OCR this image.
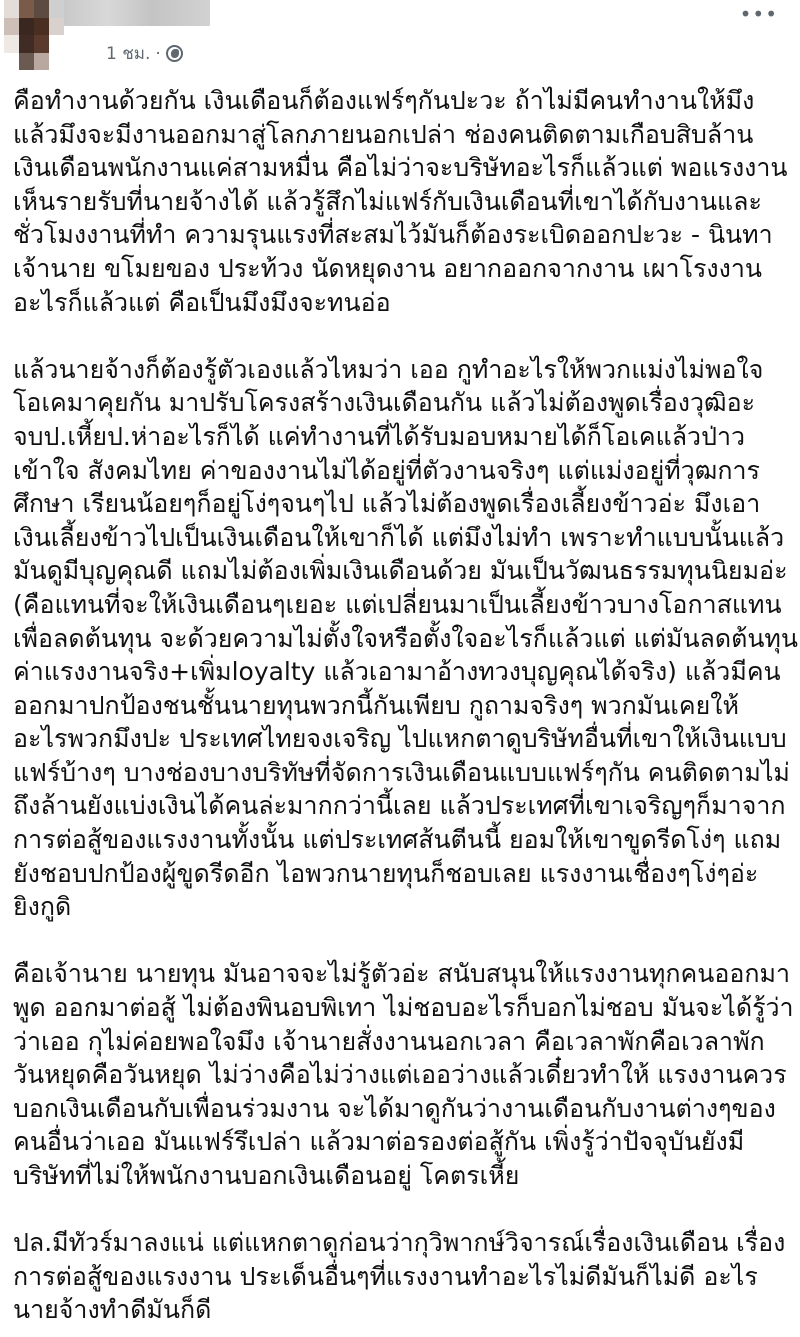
1 ชม. ·
•••
คือทำงานด้วยกัน เงินเดือนก็ต้องแฟร์ๆกันปะวะ ถ้าไม่มีคนทำงานให้มึง
แล้วมึงจะมีงานออกมาสู่โลกภายนอกเปล่า ช่องคนติดตามเกือบสิบล้าน
เงินเดือนพนักงานแค่สามหมื่น คือไม่ว่าจะบริษัทอะไรก็แล้วแต่ พอแรงงาน
เห็นรายรับที่นายจ้างได้ แล้วรู้สึกไม่แฟร์กับเงินเดือนที่เขาได้กับงานและ
ชั่วโมงงานที่ทำ ความรุนแรงที่สะสมไว้มันก็ต้องระเบิดออกปะวะ - นินทา
เจ้านาย ขโมยของ ประท้วง นัดหยุดงาน อยากออกจากงาน เผาโรงงาน
อะไรก็แล้วแต่ คือเป็นมึงมึงจะทนอ่อ
แล้วนายจ้างก็ต้องรู้ตัวเองแล้วไหมว่า เออ กูทำอะไรให้พวกแม่งไม่พอใจ
โอเคมาคุยกัน มาปรับโครงสร้างเงินเดือนกัน แล้วไม่ต้องพูดเรื่องวุฒิอะ
จบป.เหี้ยป.ห่าอะไรก็ได้ แค่ทำงานที่ได้รับมอบหมายได้ก็โอเคแล้วป่าว
เข้าใจ สังคมไทย ค่าของงานไม่ได้อยู่ที่ตัวงานจริงๆ แต่แม่งอยู่ที่วุฒการ
ศึกษา เรียนน้อยๆก็อยู่โง่ๆจนๆไป แล้วไม่ต้องพูดเรื่องเลี้ยงข้าวอ่ะ มึงเอา
เงินเลี้ยงข้าวไปเป็นเงินเดือนให้เขาก็ได้ แต่มึงไม่ทำ เพราะทำแบบนั้นแล้ว
มันดูมีบุญคุณดี แถมไม่ต้องเพิ่มเงินเดือนด้วย มันเป็นวัฒนธรรมทุนนิยมอ่ะ
(คือแทนที่จะให้เงินเดือนๆเยอะ แต่เปลี่ยนมาเป็นเลี้ยงข้าวบางโอกาสแทน
เพื่อลดต้นทุน จะด้วยความไม่ตั้งใจหรือตั้งใจอะไรก็แล้วแต่ แต่มันลดต้นทุน
ค่าแรงงานจริง+เพิ่มloyalty แล้วเอามาอ้างทวงบุญคุณได้จริง) แล้วมีคน
ออกมาปกป้องชนชั้นนายทุนพวกนี้กันเพียบ กูถามจริงๆ พวกมันเคยให้
อะไรพวกมึงปะ ประเทศไทยจงเจริญ ไปแหกตาดูบริษัทอื่นที่เขาให้เงินแบบ
แฟร์บ้างๆ บางช่องบางบริทัษที่จัดการเงินเดือนแบบแฟร์ๆกัน คนติดตามไม่
ถึงล้านยังแบ่งเงินได้คนล่ะมากกว่านี้เลย แล้วประเทศที่เขาเจริญๆก็มาจาก
การต่อสู้ของแรงงานทั้งนั้น แต่ประเทศส้นตีนนี้ ยอมให้เขาขูดรีดโง่ๆ แถม
ยังชอบปกป้องผู้ขูดรีดอีก ไอพวกนายทุนก็ชอบเลย แรงงานเชื่องๆโง่ๆอ่ะ
ยิงกูดิ
คือเจ้านาย นายทุน มันอาจจะไม่รู้ตัวอ่ะ สนับสนุนให้แรงงานทุกคนออกมา
พูด ออกมาต่อสู้ ไม่ต้องพินอบพิเทา ไม่ชอบอะไรก็บอกไม่ชอบ มันจะได้รู้ว่า
ว่าเออ กุไม่ค่อยพอใจมึง เจ้านายสั่งงานนอกเวลา คือเวลาพักคือเวลาพัก
วันหยุดคือวันหยุด ไม่ว่างคือไม่ว่างแต่เออว่างแล้วเดี๋ยวทำให้ แรงงานควร
บอกเงินเดือนกับเพื่อนร่วมงาน จะได้มาดูกันว่างานเดือนกับงานต่างๆของ
คนอื่นว่าเออ มันแฟร์รึเปล่า แล้วมาต่อรองต่อสู้กัน เพิ่งรู้ว่าปัจจุบันยังมี
บริษัทที่ไม่ให้พนักงานบอกเงินเดือนอยู่ โคตรเหี้ย
ปล.มีทัวร์มาลงแน่ แต่แหกตาดูก่อนว่ากุวิพากษ์วิจารณ์เรื่องเงินเดือน เรื่อง
การต่อสู้ของแรงงาน ประเด็นอื่นๆที่แรงงานทำอะไรไม่ดีมันก็ไม่ดี อะไร
นายจ้างทำดีมันก็ดี
